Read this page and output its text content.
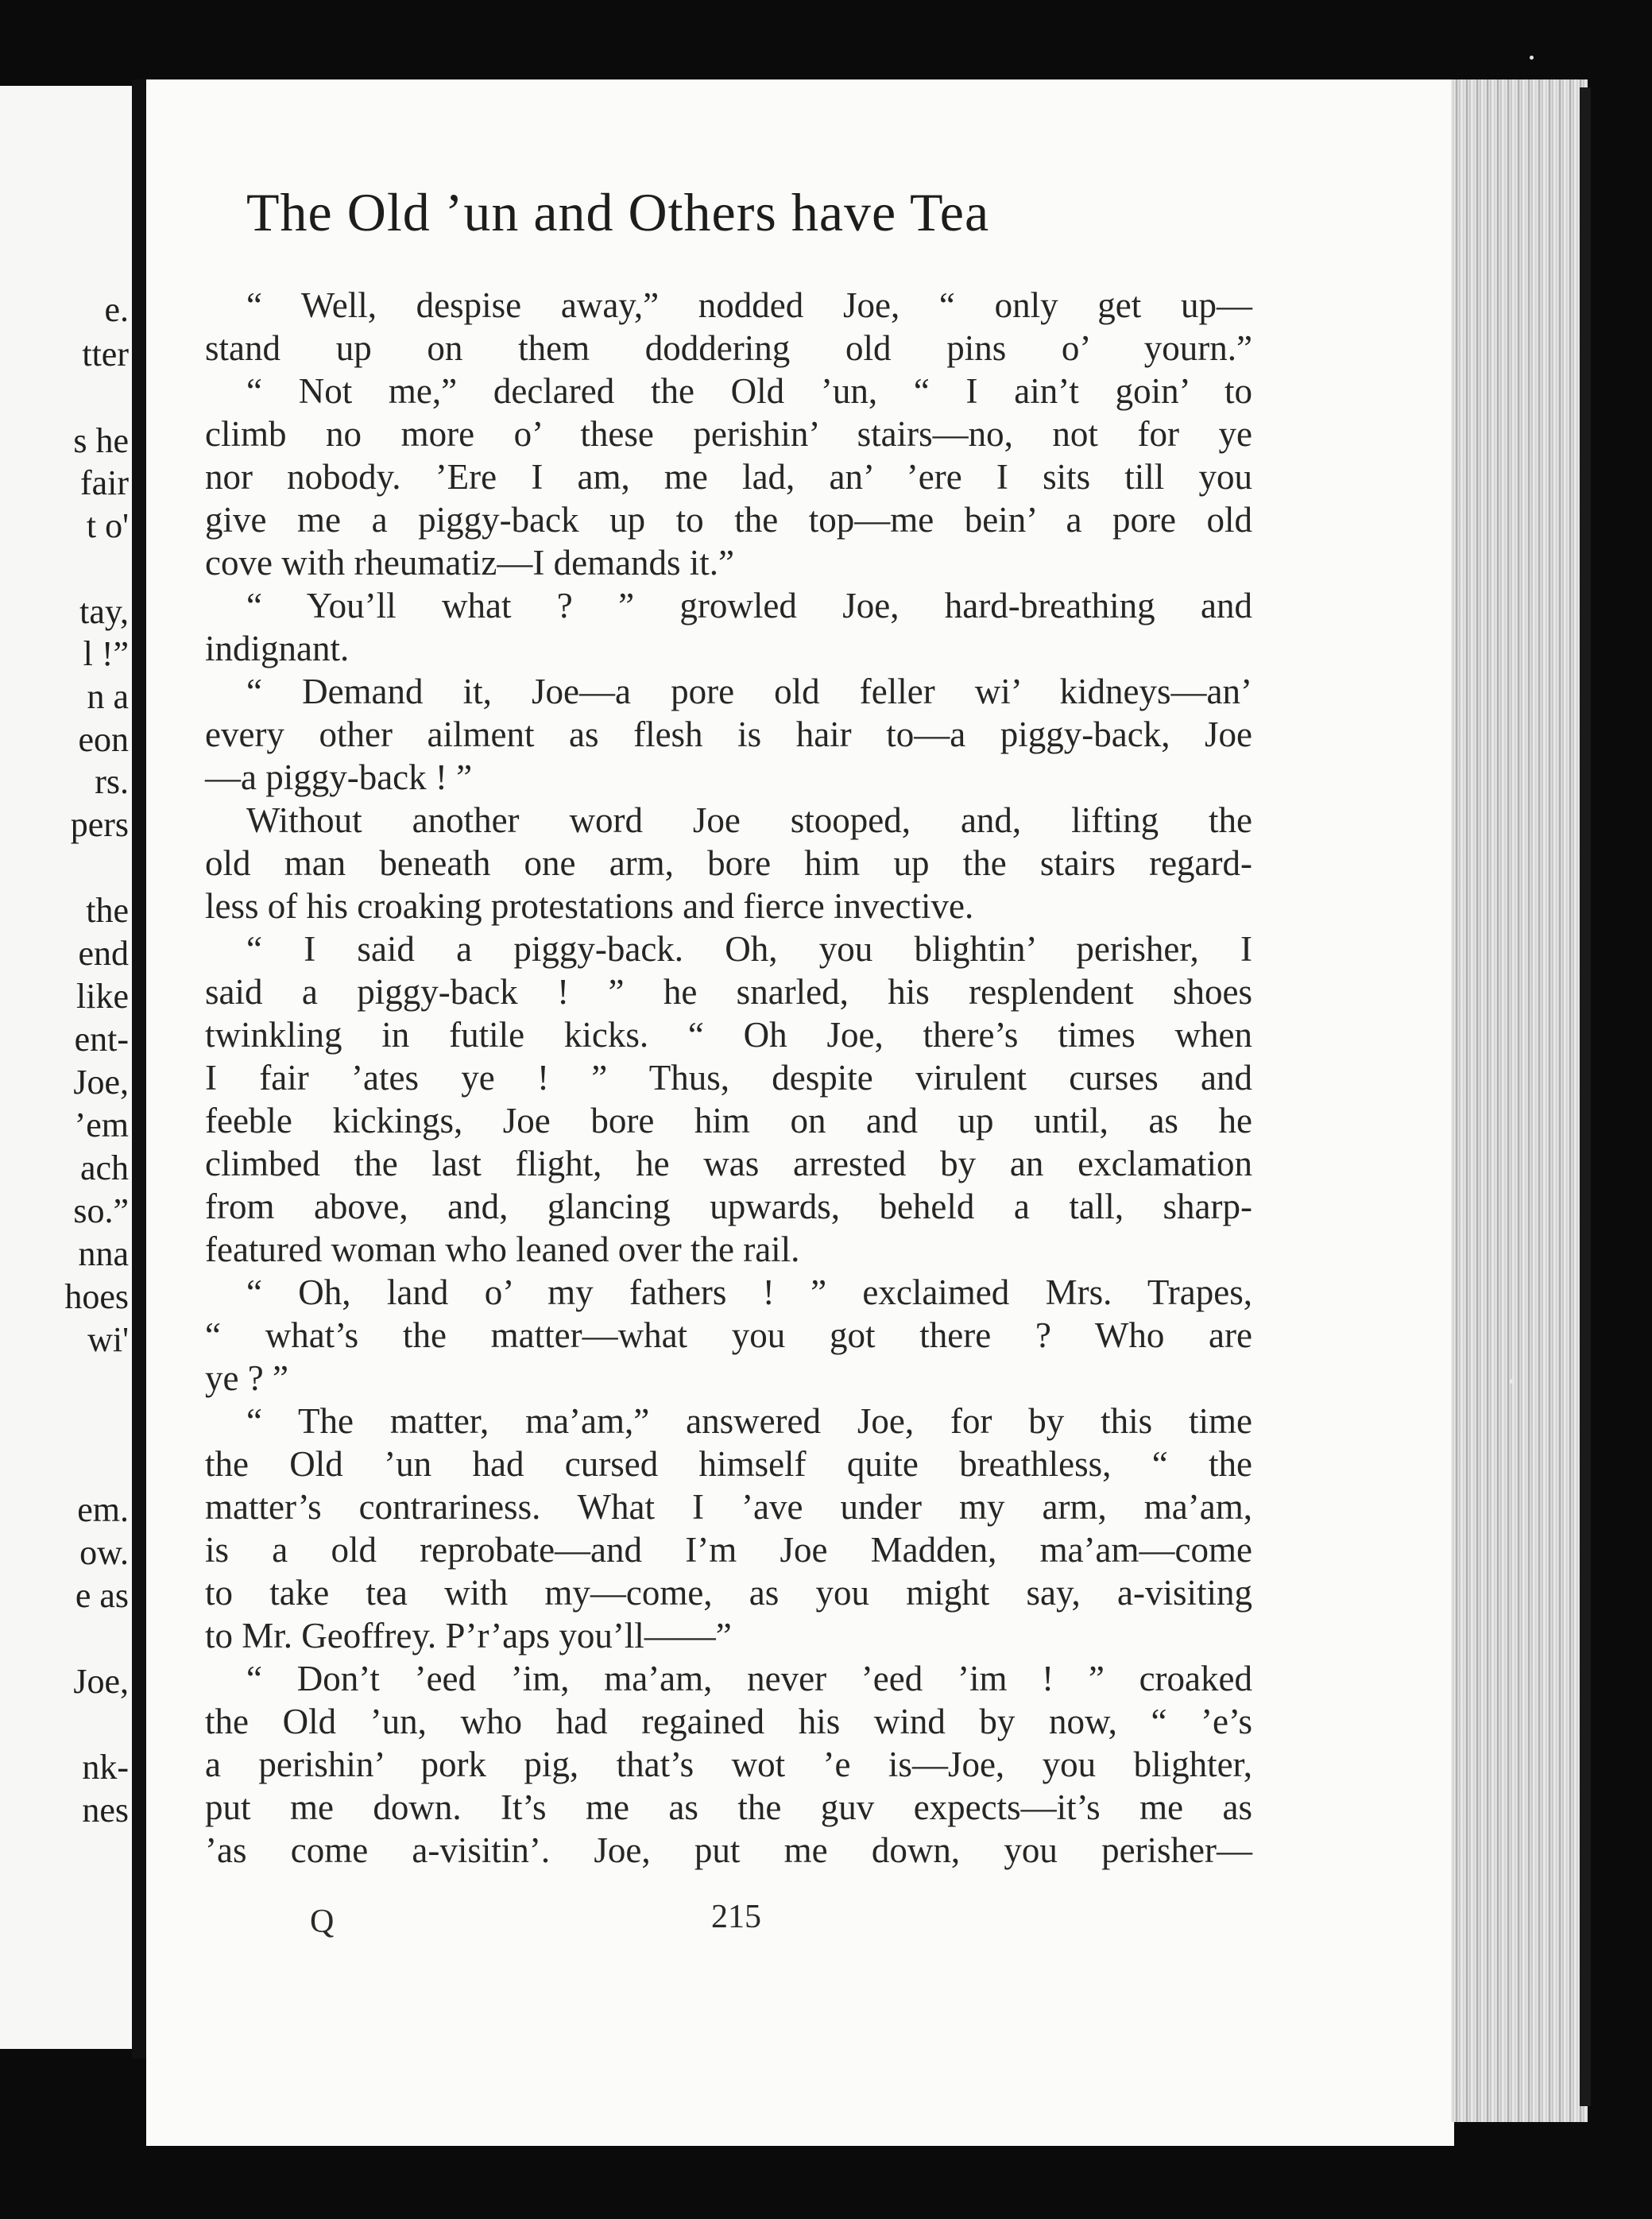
e.
tter
s he
fair
t o'
tay,
l !”
n a
eon
rs.
pers
the
end
like
ent-
Joe,
’em
ach
so.”
nna
hoes
wi'
em.
ow.
e as
Joe,
nk-
nes
The Old ’un and Others have Tea
“ Well, despise away,” nodded Joe, “ only get up—
stand up on them doddering old pins o’ yourn.”
“ Not me,” declared the Old ’un, “ I ain’t goin’ to
climb no more o’ these perishin’ stairs—no, not for ye
nor nobody. ’Ere I am, me lad, an’ ’ere I sits till you
give me a piggy-back up to the top—me bein’ a pore old
cove with rheumatiz—I demands it.”
“ You’ll what ? ” growled Joe, hard-breathing and
indignant.
“ Demand it, Joe—a pore old feller wi’ kidneys—an’
every other ailment as flesh is hair to—a piggy-back, Joe
—a piggy-back ! ”
Without another word Joe stooped, and, lifting the
old man beneath one arm, bore him up the stairs regard-
less of his croaking protestations and fierce invective.
“ I said a piggy-back. Oh, you blightin’ perisher, I
said a piggy-back ! ” he snarled, his resplendent shoes
twinkling in futile kicks. “ Oh Joe, there’s times when
I fair ’ates ye ! ” Thus, despite virulent curses and
feeble kickings, Joe bore him on and up until, as he
climbed the last flight, he was arrested by an exclamation
from above, and, glancing upwards, beheld a tall, sharp-
featured woman who leaned over the rail.
“ Oh, land o’ my fathers ! ” exclaimed Mrs. Trapes,
“ what’s the matter—what you got there ? Who are
ye ? ”
“ The matter, ma’am,” answered Joe, for by this time
the Old ’un had cursed himself quite breathless, “ the
matter’s contrariness. What I ’ave under my arm, ma’am,
is a old reprobate—and I’m Joe Madden, ma’am—come
to take tea with my—come, as you might say, a-visiting
to Mr. Geoffrey. P’r’aps you’ll——”
“ Don’t ’eed ’im, ma’am, never ’eed ’im ! ” croaked
the Old ’un, who had regained his wind by now, “ ’e’s
a perishin’ pork pig, that’s wot ’e is—Joe, you blighter,
put me down. It’s me as the guv expects—it’s me as
’as come a-visitin’. Joe, put me down, you perisher—
Q	215
